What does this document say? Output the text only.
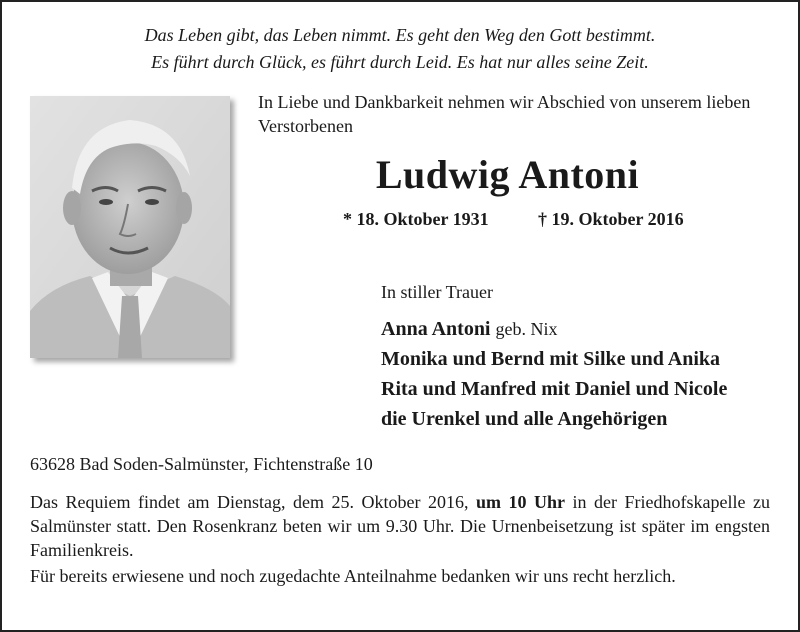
Das Leben gibt, das Leben nimmt. Es geht den Weg den Gott bestimmt.
Es führt durch Glück, es führt durch Leid. Es hat nur alles seine Zeit.
In Liebe und Dankbarkeit nehmen wir Abschied von unserem lieben Verstorbenen
Ludwig Antoni
* 18. Oktober 1931	† 19. Oktober 2016
In stiller Trauer
Anna Antoni geb. Nix
Monika und Bernd mit Silke und Anika
Rita und Manfred mit Daniel und Nicole
die Urenkel und alle Angehörigen
63628 Bad Soden-Salmünster, Fichtenstraße 10
Das Requiem findet am Dienstag, dem 25. Oktober 2016, um 10 Uhr in der Friedhofskapelle zu Salmünster statt. Den Rosenkranz beten wir um 9.30 Uhr. Die Urnenbeisetzung ist später im engsten Familienkreis.
Für bereits erwiesene und noch zugedachte Anteilnahme bedanken wir uns recht herzlich.
